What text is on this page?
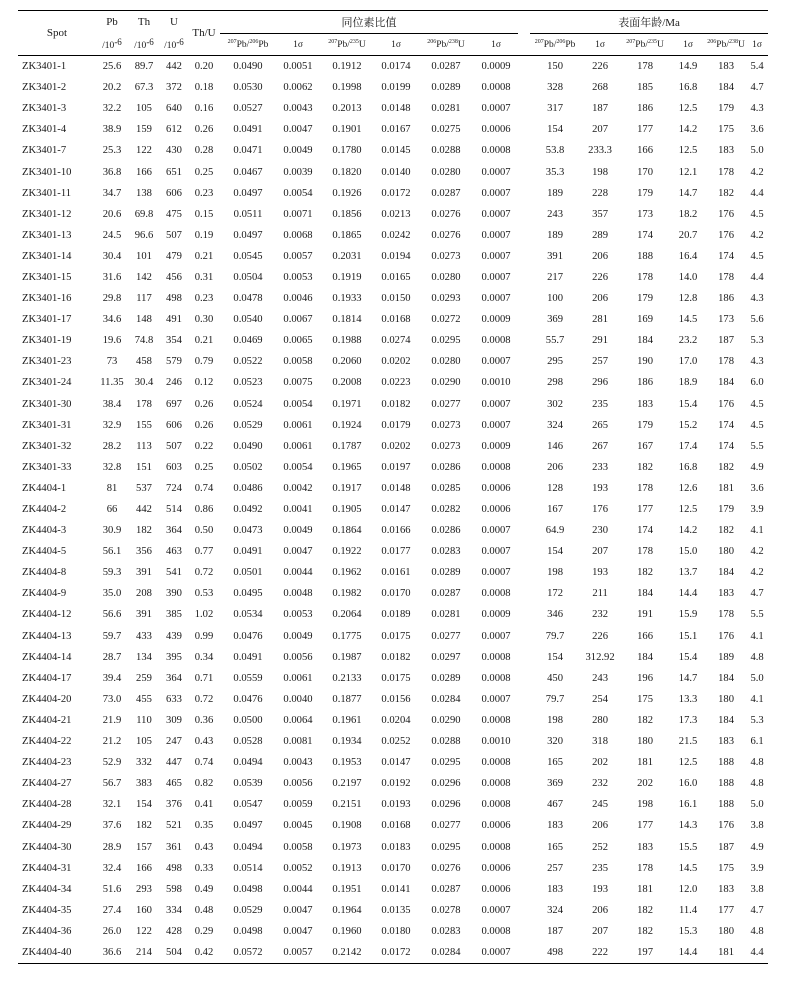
Spot	Pb	Th	U	Th/U	同位素比值							表面年龄/Ma					
	/10-6	/10-6	/10-6		$^{207}$Pb/$^{206}$Pb	1σ	$^{207}$Pb/$^{235}$U	1σ	$^{206}$Pb/$^{238}$U	1σ		$^{207}$Pb/$^{206}$Pb	1σ	$^{207}$Pb/$^{235}$U	1σ	$^{206}$Pb/$^{238}$U	1σ
ZK3401-1	25.6	89.7	442	0.20	0.0490	0.0051	0.1912	0.0174	0.0287	0.0009		150	226	178	14.9	183	5.4
ZK3401-2	20.2	67.3	372	0.18	0.0530	0.0062	0.1998	0.0199	0.0289	0.0008		328	268	185	16.8	184	4.7
ZK3401-3	32.2	105	640	0.16	0.0527	0.0043	0.2013	0.0148	0.0281	0.0007		317	187	186	12.5	179	4.3
ZK3401-4	38.9	159	612	0.26	0.0491	0.0047	0.1901	0.0167	0.0275	0.0006		154	207	177	14.2	175	3.6
ZK3401-7	25.3	122	430	0.28	0.0471	0.0049	0.1780	0.0145	0.0288	0.0008		53.8	233.3	166	12.5	183	5.0
ZK3401-10	36.8	166	651	0.25	0.0467	0.0039	0.1820	0.0140	0.0280	0.0007		35.3	198	170	12.1	178	4.2
ZK3401-11	34.7	138	606	0.23	0.0497	0.0054	0.1926	0.0172	0.0287	0.0007		189	228	179	14.7	182	4.4
ZK3401-12	20.6	69.8	475	0.15	0.0511	0.0071	0.1856	0.0213	0.0276	0.0007		243	357	173	18.2	176	4.5
ZK3401-13	24.5	96.6	507	0.19	0.0497	0.0068	0.1865	0.0242	0.0276	0.0007		189	289	174	20.7	176	4.2
ZK3401-14	30.4	101	479	0.21	0.0545	0.0057	0.2031	0.0194	0.0273	0.0007		391	206	188	16.4	174	4.5
ZK3401-15	31.6	142	456	0.31	0.0504	0.0053	0.1919	0.0165	0.0280	0.0007		217	226	178	14.0	178	4.4
ZK3401-16	29.8	117	498	0.23	0.0478	0.0046	0.1933	0.0150	0.0293	0.0007		100	206	179	12.8	186	4.3
ZK3401-17	34.6	148	491	0.30	0.0540	0.0067	0.1814	0.0168	0.0272	0.0009		369	281	169	14.5	173	5.6
ZK3401-19	19.6	74.8	354	0.21	0.0469	0.0065	0.1988	0.0274	0.0295	0.0008		55.7	291	184	23.2	187	5.3
ZK3401-23	73	458	579	0.79	0.0522	0.0058	0.2060	0.0202	0.0280	0.0007		295	257	190	17.0	178	4.3
ZK3401-24	11.35	30.4	246	0.12	0.0523	0.0075	0.2008	0.0223	0.0290	0.0010		298	296	186	18.9	184	6.0
ZK3401-30	38.4	178	697	0.26	0.0524	0.0054	0.1971	0.0182	0.0277	0.0007		302	235	183	15.4	176	4.5
ZK3401-31	32.9	155	606	0.26	0.0529	0.0061	0.1924	0.0179	0.0273	0.0007		324	265	179	15.2	174	4.5
ZK3401-32	28.2	113	507	0.22	0.0490	0.0061	0.1787	0.0202	0.0273	0.0009		146	267	167	17.4	174	5.5
ZK3401-33	32.8	151	603	0.25	0.0502	0.0054	0.1965	0.0197	0.0286	0.0008		206	233	182	16.8	182	4.9
ZK4404-1	81	537	724	0.74	0.0486	0.0042	0.1917	0.0148	0.0285	0.0006		128	193	178	12.6	181	3.6
ZK4404-2	66	442	514	0.86	0.0492	0.0041	0.1905	0.0147	0.0282	0.0006		167	176	177	12.5	179	3.9
ZK4404-3	30.9	182	364	0.50	0.0473	0.0049	0.1864	0.0166	0.0286	0.0007		64.9	230	174	14.2	182	4.1
ZK4404-5	56.1	356	463	0.77	0.0491	0.0047	0.1922	0.0177	0.0283	0.0007		154	207	178	15.0	180	4.2
ZK4404-8	59.3	391	541	0.72	0.0501	0.0044	0.1962	0.0161	0.0289	0.0007		198	193	182	13.7	184	4.2
ZK4404-9	35.0	208	390	0.53	0.0495	0.0048	0.1982	0.0170	0.0287	0.0008		172	211	184	14.4	183	4.7
ZK4404-12	56.6	391	385	1.02	0.0534	0.0053	0.2064	0.0189	0.0281	0.0009		346	232	191	15.9	178	5.5
ZK4404-13	59.7	433	439	0.99	0.0476	0.0049	0.1775	0.0175	0.0277	0.0007		79.7	226	166	15.1	176	4.1
ZK4404-14	28.7	134	395	0.34	0.0491	0.0056	0.1987	0.0182	0.0297	0.0008		154	312.92	184	15.4	189	4.8
ZK4404-17	39.4	259	364	0.71	0.0559	0.0061	0.2133	0.0175	0.0289	0.0008		450	243	196	14.7	184	5.0
ZK4404-20	73.0	455	633	0.72	0.0476	0.0040	0.1877	0.0156	0.0284	0.0007		79.7	254	175	13.3	180	4.1
ZK4404-21	21.9	110	309	0.36	0.0500	0.0064	0.1961	0.0204	0.0290	0.0008		198	280	182	17.3	184	5.3
ZK4404-22	21.2	105	247	0.43	0.0528	0.0081	0.1934	0.0252	0.0288	0.0010		320	318	180	21.5	183	6.1
ZK4404-23	52.9	332	447	0.74	0.0494	0.0043	0.1953	0.0147	0.0295	0.0008		165	202	181	12.5	188	4.8
ZK4404-27	56.7	383	465	0.82	0.0539	0.0056	0.2197	0.0192	0.0296	0.0008		369	232	202	16.0	188	4.8
ZK4404-28	32.1	154	376	0.41	0.0547	0.0059	0.2151	0.0193	0.0296	0.0008		467	245	198	16.1	188	5.0
ZK4404-29	37.6	182	521	0.35	0.0497	0.0045	0.1908	0.0168	0.0277	0.0006		183	206	177	14.3	176	3.8
ZK4404-30	28.9	157	361	0.43	0.0494	0.0058	0.1973	0.0183	0.0295	0.0008		165	252	183	15.5	187	4.9
ZK4404-31	32.4	166	498	0.33	0.0514	0.0052	0.1913	0.0170	0.0276	0.0006		257	235	178	14.5	175	3.9
ZK4404-34	51.6	293	598	0.49	0.0498	0.0044	0.1951	0.0141	0.0287	0.0006		183	193	181	12.0	183	3.8
ZK4404-35	27.4	160	334	0.48	0.0529	0.0047	0.1964	0.0135	0.0278	0.0007		324	206	182	11.4	177	4.7
ZK4404-36	26.0	122	428	0.29	0.0498	0.0047	0.1960	0.0180	0.0283	0.0008		187	207	182	15.3	180	4.8
ZK4404-40	36.6	214	504	0.42	0.0572	0.0057	0.2142	0.0172	0.0284	0.0007		498	222	197	14.4	181	4.4
